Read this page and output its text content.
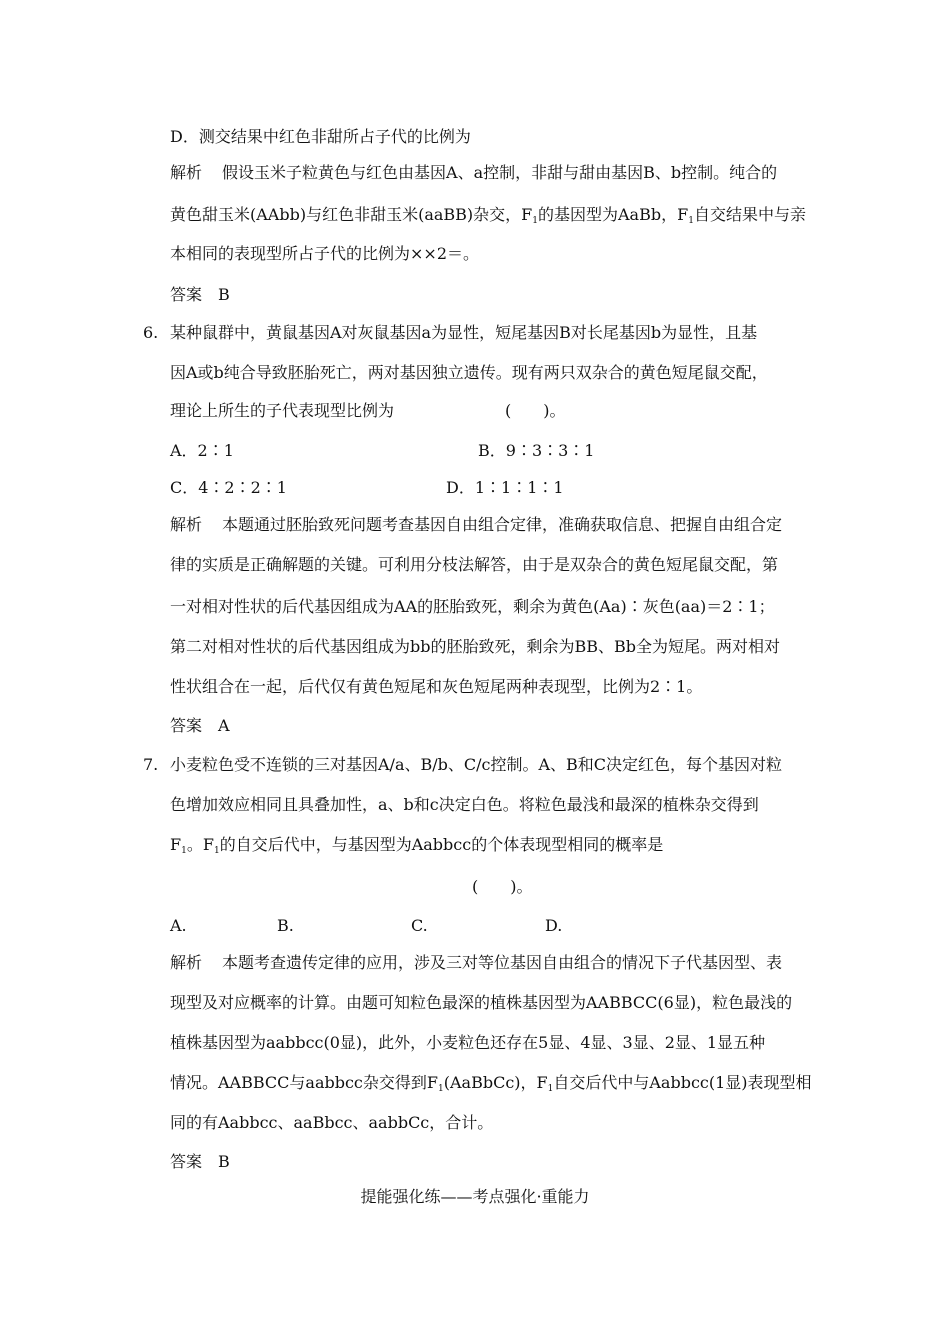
D．测交结果中红色非甜所占子代的比例为
解析 假设玉米子粒黄色与红色由基因A、a控制，非甜与甜由基因B、b控制。纯合的
黄色甜玉米(AAbb)与红色非甜玉米(aaBB)杂交，$F_1$的基因型为AaBb，$F_1$自交结果中与亲
本相同的表现型所占子代的比例为××2＝。
答案　B
6. 某种鼠群中，黄鼠基因A对灰鼠基因a为显性，短尾基因B对长尾基因b为显性，且基
因A或b纯合导致胚胎死亡，两对基因独立遗传。现有两只双杂合的黄色短尾鼠交配，
理论上所生的子代表现型比例为	(　　)。
A．2∶1	B．9∶3∶3∶1
C．4∶2∶2∶1	D．1∶1∶1∶1
解析 本题通过胚胎致死问题考查基因自由组合定律，准确获取信息、把握自由组合定
律的实质是正确解题的关键。可利用分枝法解答，由于是双杂合的黄色短尾鼠交配，第
一对相对性状的后代基因组成为AA的胚胎致死，剩余为黄色(Aa)∶灰色(aa)＝2∶1；
第二对相对性状的后代基因组成为bb的胚胎致死，剩余为BB、Bb全为短尾。两对相对
性状组合在一起，后代仅有黄色短尾和灰色短尾两种表现型，比例为2∶1。
答案　A
7. 小麦粒色受不连锁的三对基因A/a、B/b、C/c控制。A、B和C决定红色，每个基因对粒
色增加效应相同且具叠加性，a、b和c决定白色。将粒色最浅和最深的植株杂交得到
$F_1$。$F_1$的自交后代中，与基因型为Aabbcc的个体表现型相同的概率是
(　　)。
A.	B.	C.	D.
解析 本题考查遗传定律的应用，涉及三对等位基因自由组合的情况下子代基因型、表
现型及对应概率的计算。由题可知粒色最深的植株基因型为AABBCC(6显)，粒色最浅的
植株基因型为aabbcc(0显)，此外，小麦粒色还存在5显、4显、3显、2显、1显五种
情况。AABBCC与aabbcc杂交得到$F_1(AaBbCc)$，$F_1$自交后代中与Aabbcc(1显)表现型相
同的有Aabbcc、aaBbcc、aabbCc，合计。
答案　B
提能强化练——考点强化·重能力
